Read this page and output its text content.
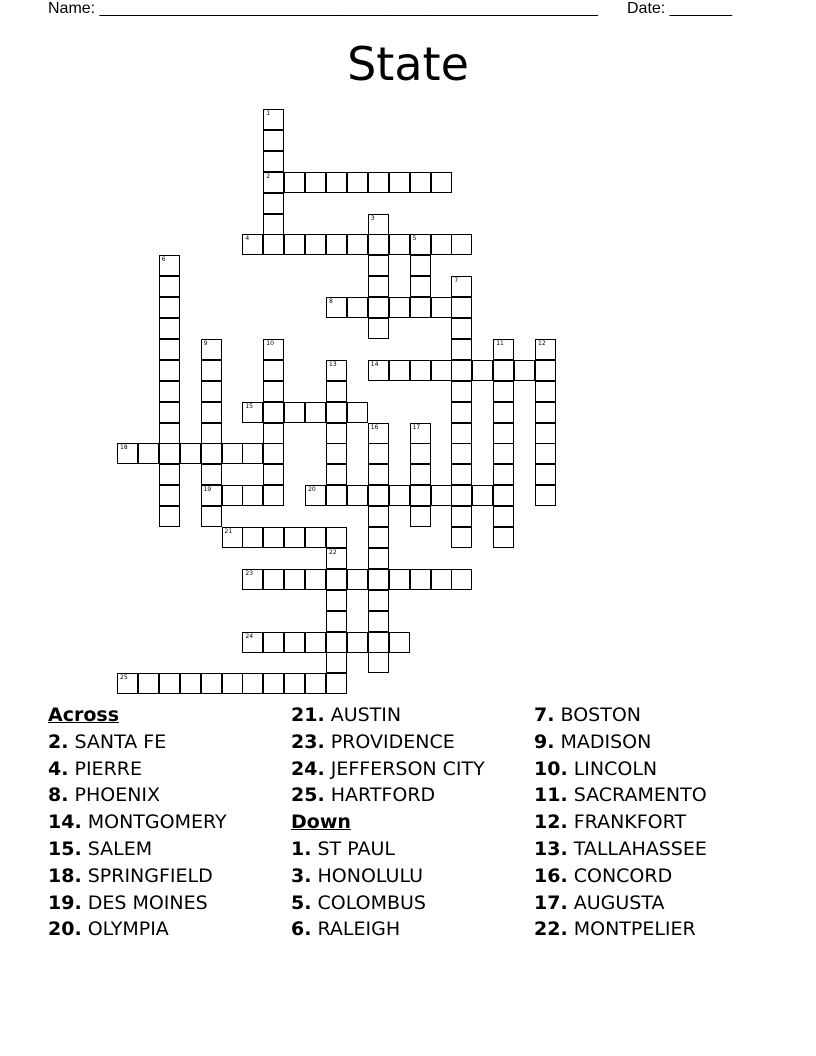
Name: ________________________________________________________ Date: _______
State
1
2
3
4	5
6
7
8
9
19
10	11	12
13	14
15
16	17
18
20
21
22
23
24
25
Across
2. SANTA FE
4. PIERRE
8. PHOENIX
14. MONTGOMERY
15. SALEM
18. SPRINGFIELD
19. DES MOINES
20. OLYMPIA
21. AUSTIN
23. PROVIDENCE
24. JEFFERSON CITY
25. HARTFORD
Down
1. ST PAUL
3. HONOLULU
5. COLOMBUS
6. RALEIGH
7. BOSTON
9. MADISON
10. LINCOLN
11. SACRAMENTO
12. FRANKFORT
13. TALLAHASSEE
16. CONCORD
17. AUGUSTA
22. MONTPELIER
